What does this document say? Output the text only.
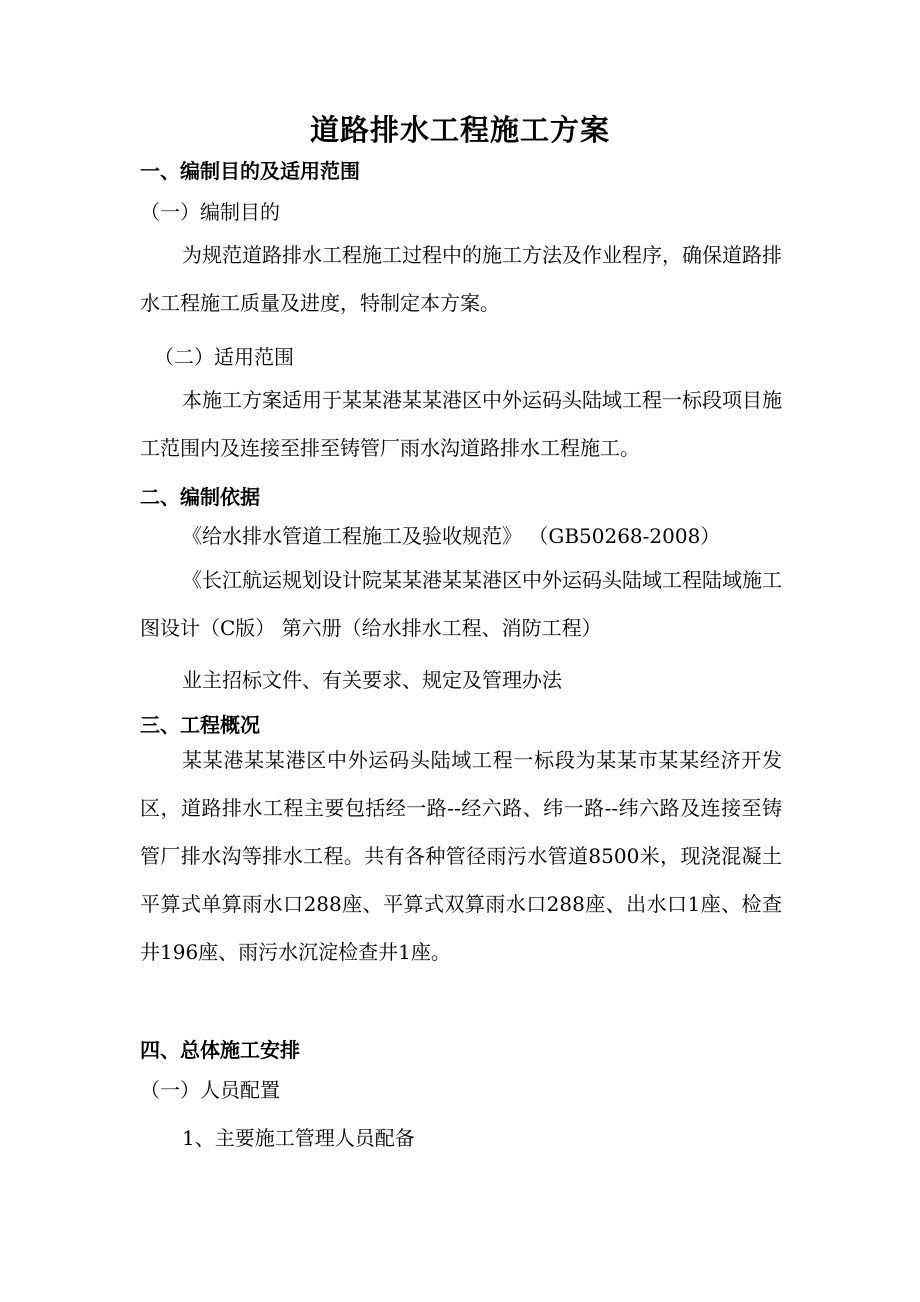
道路排水工程施工方案
一、编制目的及适用范围
（一）编制目的
为规范道路排水工程施工过程中的施工方法及作业程序，确保道路排水工程施工质量及进度，特制定本方案。
（二）适用范围
本施工方案适用于某某港某某港区中外运码头陆域工程一标段项目施工范围内及连接至排至铸管厂雨水沟道路排水工程施工。
二、编制依据
《给水排水管道工程施工及验收规范》 （GB50268-2008）
《长江航运规划设计院某某港某某港区中外运码头陆域工程陆域施工图设计（C版） 第六册（给水排水工程、消防工程）
业主招标文件、有关要求、规定及管理办法
三、工程概况
某某港某某港区中外运码头陆域工程一标段为某某市某某经济开发区，道路排水工程主要包括经一路--经六路、纬一路--纬六路及连接至铸管厂排水沟等排水工程。共有各种管径雨污水管道8500米，现浇混凝土平算式单算雨水口288座、平算式双算雨水口288座、出水口1座、检查井196座、雨污水沉淀检查井1座。
四、总体施工安排
（一）人员配置
1、主要施工管理人员配备
